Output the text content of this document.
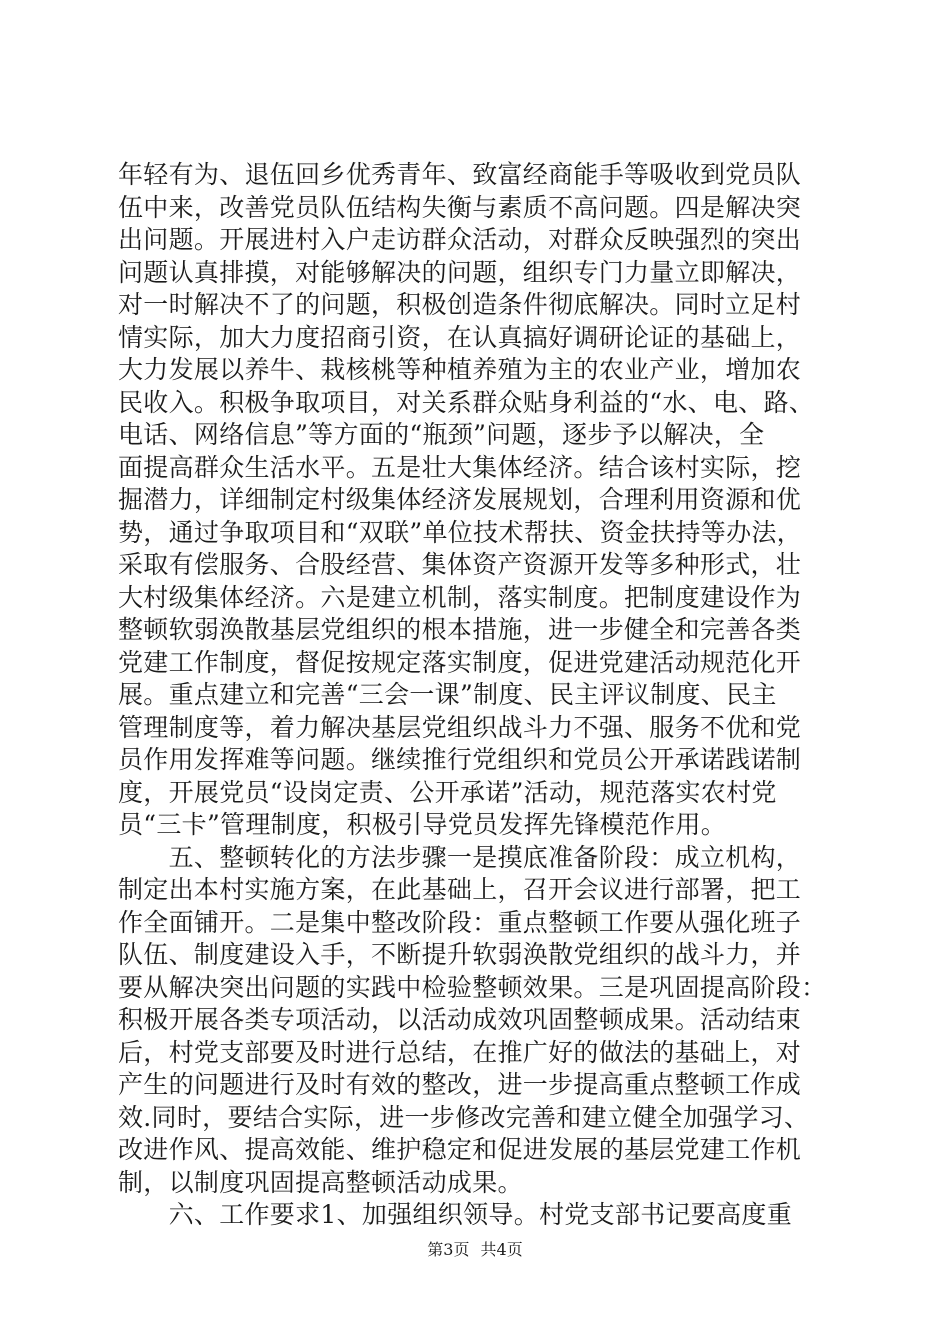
年轻有为、退伍回乡优秀青年、致富经商能手等吸收到党员队
伍中来，改善党员队伍结构失衡与素质不高问题。四是解决突
出问题。开展进村入户走访群众活动，对群众反映强烈的突出
问题认真排摸，对能够解决的问题，组织专门力量立即解决，
对一时解决不了的问题，积极创造条件彻底解决。同时立足村
情实际，加大力度招商引资，在认真搞好调研论证的基础上，
大力发展以养牛、栽核桃等种植养殖为主的农业产业，增加农
民收入。积极争取项目，对关系群众贴身利益的“水、电、路、
电话、网络信息”等方面的“瓶颈”问题，逐步予以解决，全
面提高群众生活水平。五是壮大集体经济。结合该村实际，挖
掘潜力，详细制定村级集体经济发展规划，合理利用资源和优
势，通过争取项目和“双联”单位技术帮扶、资金扶持等办法，
采取有偿服务、合股经营、集体资产资源开发等多种形式，壮
大村级集体经济。六是建立机制，落实制度。把制度建设作为
整顿软弱涣散基层党组织的根本措施，进一步健全和完善各类
党建工作制度，督促按规定落实制度，促进党建活动规范化开
展。重点建立和完善“三会一课”制度、民主评议制度、民主
管理制度等，着力解决基层党组织战斗力不强、服务不优和党
员作用发挥难等问题。继续推行党组织和党员公开承诺践诺制
度，开展党员“设岗定责、公开承诺”活动，规范落实农村党
员“三卡”管理制度，积极引导党员发挥先锋模范作用。
　　五、整顿转化的方法步骤一是摸底准备阶段：成立机构，
制定出本村实施方案，在此基础上，召开会议进行部署，把工
作全面铺开。二是集中整改阶段：重点整顿工作要从强化班子
队伍、制度建设入手，不断提升软弱涣散党组织的战斗力，并
要从解决突出问题的实践中检验整顿效果。三是巩固提高阶段：
积极开展各类专项活动，以活动成效巩固整顿成果。活动结束
后，村党支部要及时进行总结，在推广好的做法的基础上，对
产生的问题进行及时有效的整改，进一步提高重点整顿工作成
效.同时，要结合实际，进一步修改完善和建立健全加强学习、
改进作风、提高效能、维护稳定和促进发展的基层党建工作机
制，以制度巩固提高整顿活动成果。
　　六、工作要求1、加强组织领导。村党支部书记要高度重
第3页 共4页
